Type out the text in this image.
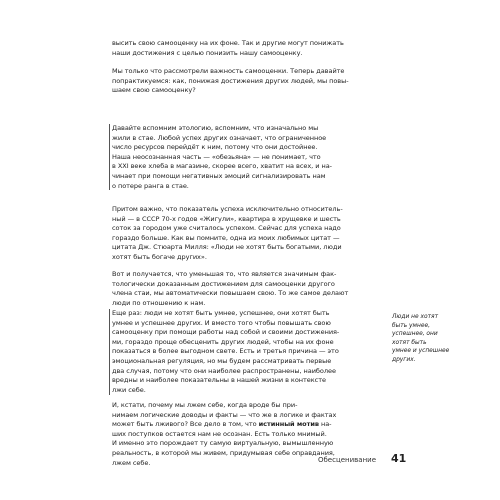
высить свою самооценку на их фоне. Так и другие могут понижать
наши достижения с целью понизить нашу самооценку.

Мы только что рассмотрели важность самооценки. Теперь давайте
попрактикуемся: как, понижая достижения других людей, мы повы-
шаем свою самооценку?

Давайте вспомним этологию, вспомним, что изначально мы
жили в стае. Любой успех других означает, что ограниченное
число ресурсов перейдёт к ним, потому что они достойнее.
Наша неосознанная часть — «обезьяна» — не понимает, что
в XXI веке хлеба в магазине, скорее всего, хватит на всех, и на-
чинает при помощи негативных эмоций сигнализировать нам
о потере ранга в стае.

Притом важно, что показатель успеха исключительно относитель-
ный — в СССР 70-х годов «Жигули», квартира в хрущевке и шесть
соток за городом уже считалось успехом. Сейчас для успеха надо
гораздо больше. Как вы помните, одна из моих любимых цитат —
цитата Дж. Стюарта Милля: «Люди не хотят быть богатыми, люди
хотят быть богаче других».

Вот и получается, что уменьшая то, что является значимым фак-
тологически доказанным достижением для самооценки другого
члена стаи, мы автоматически повышаем свою. То же самое делают
люди по отношению к нам.

Еще раз: люди не хотят быть умнее, успешнее, они хотят быть
умнее и успешнее других. И вместо того чтобы повышать свою
самооценку при помощи работы над собой и своими достижения-
ми, гораздо проще обесценить других людей, чтобы на их фоне
показаться в более выгодном свете. Есть и третья причина — это
эмоциональная регуляция, но мы будем рассматривать первые
два случая, потому что они наиболее распространены, наиболее
вредны и наиболее показательны в нашей жизни в контексте
лжи себе.

И, кстати, почему мы лжем себе, когда вроде бы при-
нимаем логические доводы и факты — что же в логике и фактах
может быть лживого? Все дело в том, что истинный мотив на-
ших поступков остается нам не осознан. Есть только мнимый.
И именно это порождает ту самую виртуальную, вымышленную
реальность, в которой мы живем, придумывая себе оправдания,
лжем себе.

Люди не хотят
быть умнее,
успешнее, они
хотят быть
умнее и успешнее
других.

Обесценивание 41
